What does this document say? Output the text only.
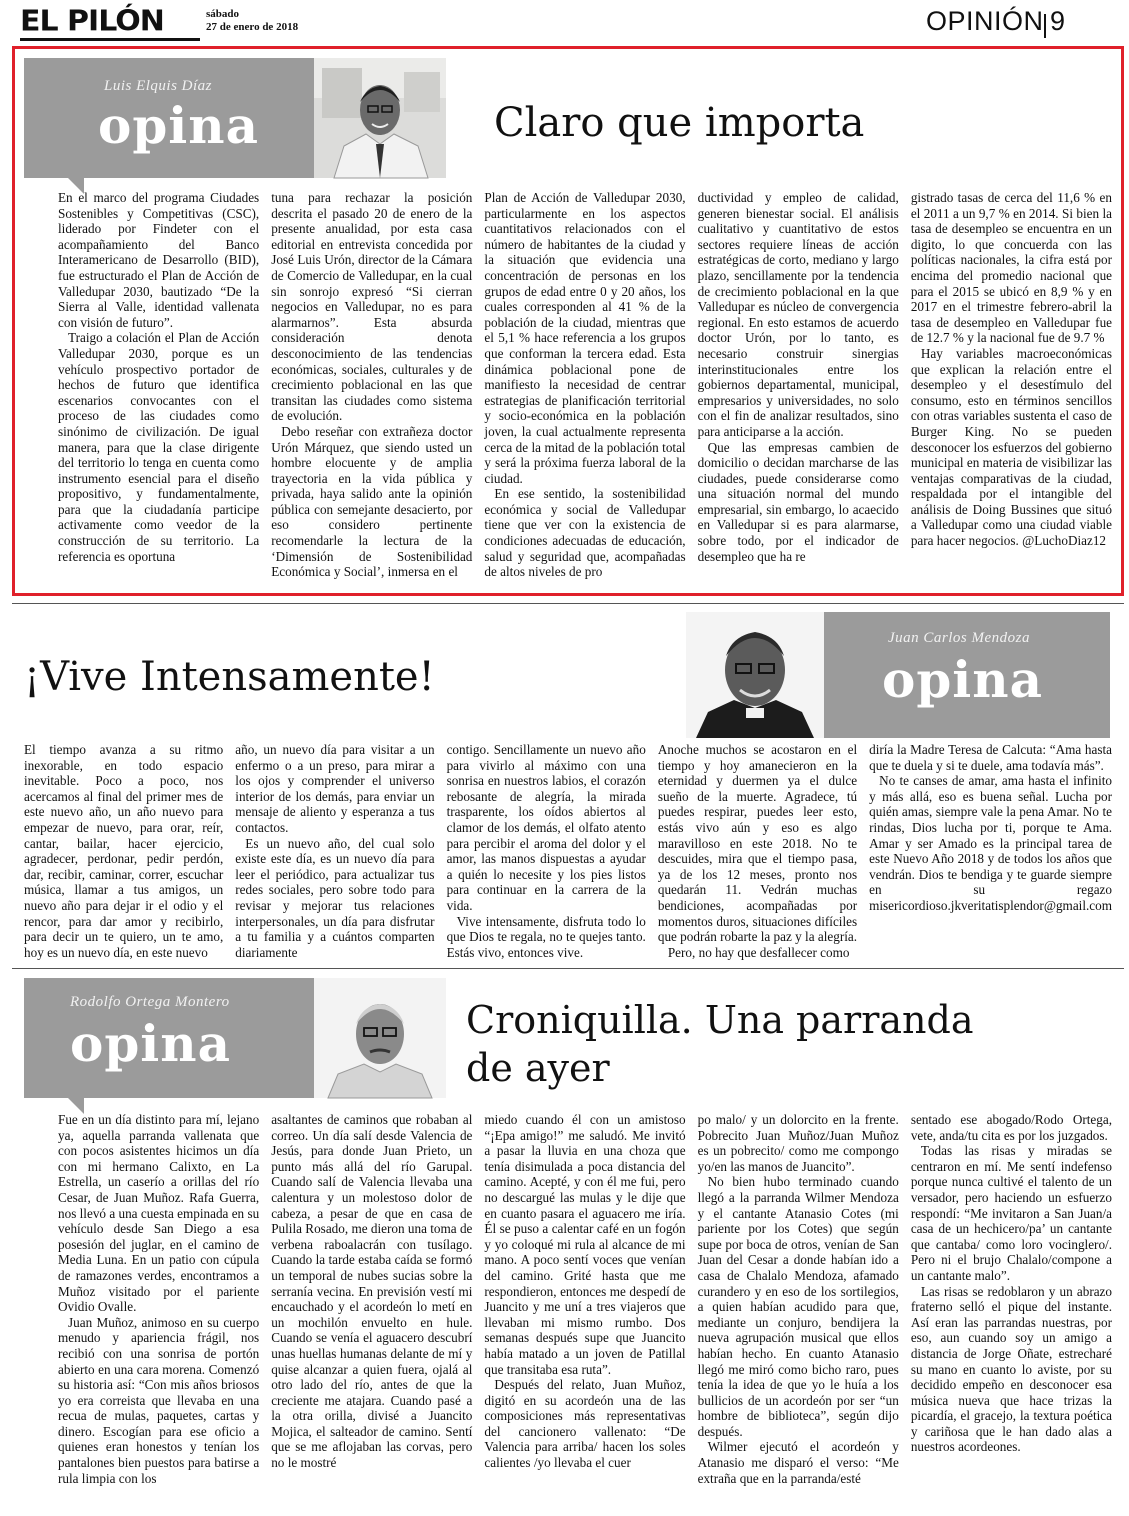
EL PILÓN	sábado
27 de enero de 2018	OPINIÓN 9
Luis Elquis Díaz
opina	Claro que importa

En el marco del programa Ciudades Sostenibles y Competitivas (CSC), liderado por Findeter con el acompañamiento del Banco Interamericano de Desarrollo (BID), fue estructurado el Plan de Acción de Valledupar 2030, bautizado “De la Sierra al Valle, identidad vallenata con visión de futuro”.

Traigo a colación el Plan de Acción Valledupar 2030, porque es un vehículo prospectivo portador de hechos de futuro que identifica escenarios convocantes con el proceso de las ciudades como sinónimo de civilización. De igual manera, para que la clase dirigente del territorio lo tenga en cuenta como instrumento esencial para el diseño propositivo, y fundamentalmente, para que la ciudadanía participe activamente como veedor de la construcción de su territorio. La referencia es oportuna

tuna para rechazar la posición descrita el pasado 20 de enero de la presente anualidad, por esta casa editorial en entrevista concedida por José Luis Urón, director de la Cámara de Comercio de Valledupar, en la cual sin sonrojo expresó “Si cierran negocios en Valledupar, no es para alarmarnos”. Esta absurda consideración denota desconocimiento de las tendencias económicas, sociales, culturales y de crecimiento poblacional en las que transitan las ciudades como sistema de evolución.

Debo reseñar con extrañeza doctor Urón Márquez, que siendo usted un hombre elocuente y de amplia trayectoria en la vida pública y privada, haya salido ante la opinión pública con semejante desacierto, por eso considero pertinente recomendarle la lectura de la ‘Dimensión de Sostenibilidad Económica y Social’, inmersa en el

Plan de Acción de Valledupar 2030, particularmente en los aspectos cuantitativos relacionados con el número de habitantes de la ciudad y la situación que evidencia una concentración de personas en los grupos de edad entre 0 y 20 años, los cuales corresponden al 41 % de la población de la ciudad, mientras que el 5,1 % hace referencia a los grupos que conforman la tercera edad. Esta dinámica poblacional pone de manifiesto la necesidad de centrar estrategias de planificación territorial y socio-económica en la población joven, la cual actualmente representa cerca de la mitad de la población total y será la próxima fuerza laboral de la ciudad.

En ese sentido, la sostenibilidad económica y social de Valledupar tiene que ver con la existencia de condiciones adecuadas de educación, salud y seguridad que, acompañadas de altos niveles de pro

ductividad y empleo de calidad, generen bienestar social. El análisis cualitativo y cuantitativo de estos sectores requiere líneas de acción estratégicas de corto, mediano y largo plazo, sencillamente por la tendencia de crecimiento poblacional en la que Valledupar es núcleo de convergencia regional. En esto estamos de acuerdo doctor Urón, por lo tanto, es necesario construir sinergias interinstitucionales entre los gobiernos departamental, municipal, empresarios y universidades, no solo con el fin de analizar resultados, sino para anticiparse a la acción.

Que las empresas cambien de domicilio o decidan marcharse de las ciudades, puede considerarse como una situación normal del mundo empresarial, sin embargo, lo acaecido en Valledupar si es para alarmarse, sobre todo, por el indicador de desempleo que ha re

gistrado tasas de cerca del 11,6 % en el 2011 a un 9,7 % en 2014. Si bien la tasa de desempleo se encuentra en un digito, lo que concuerda con las políticas nacionales, la cifra está por encima del promedio nacional que para el 2015 se ubicó en 8,9 % y en 2017 en el trimestre febrero-abril la tasa de desempleo en Valledupar fue de 12.7 % y la nacional fue de 9.7 %

Hay variables macroeconómicas que explican la relación entre el desempleo y el desestímulo del consumo, esto en términos sencillos con otras variables sustenta el caso de Burger King. No se pueden desconocer los esfuerzos del gobierno municipal en materia de visibilizar las ventajas comparativas de la ciudad, respaldada por el intangible del análisis de Doing Bussines que situó a Valledupar como una ciudad viable para hacer negocios. @LuchoDiaz12

¡Vive Intensamente!
Juan Carlos Mendoza
opina

El tiempo avanza a su ritmo inexorable, en todo espacio inevitable. Poco a poco, nos acercamos al final del primer mes de este nuevo año, un año nuevo para empezar de nuevo, para orar, reír, cantar, bailar, hacer ejercicio, agradecer, perdonar, pedir perdón, dar, recibir, caminar, correr, escuchar música, llamar a tus amigos, un nuevo año para dejar ir el odio y el rencor, para dar amor y recibirlo, para decir un te quiero, un te amo, hoy es un nuevo día, en este nuevo

año, un nuevo día para visitar a un enfermo o a un preso, para mirar a los ojos y comprender el universo interior de los demás, para enviar un mensaje de aliento y esperanza a tus contactos.

Es un nuevo año, del cual solo existe este día, es un nuevo día para leer el periódico, para actualizar tus redes sociales, pero sobre todo para revisar y mejorar tus relaciones interpersonales, un día para disfrutar a tu familia y a cuántos comparten diariamente

contigo. Sencillamente un nuevo año para vivirlo al máximo con una sonrisa en nuestros labios, el corazón rebosante de alegría, la mirada trasparente, los oídos abiertos al clamor de los demás, el olfato atento para percibir el aroma del dolor y el amor, las manos dispuestas a ayudar a quién lo necesite y los pies listos para continuar en la carrera de la vida.

Vive intensamente, disfruta todo lo que Dios te regala, no te quejes tanto. Estás vivo, entonces vive.

Anoche muchos se acostaron en el tiempo y hoy amanecieron en la eternidad y duermen ya el dulce sueño de la muerte. Agradece, tú puedes respirar, puedes leer esto, estás vivo aún y eso es algo maravilloso en este 2018. No te descuides, mira que el tiempo pasa, ya de los 12 meses, pronto nos quedarán 11. Vedrán muchas bendiciones, acompañadas por momentos duros, situaciones difíciles que podrán robarte la paz y la alegría.

Pero, no hay que desfallecer como

diría la Madre Teresa de Calcuta: “Ama hasta que te duela y si te duele, ama todavía más”.

No te canses de amar, ama hasta el infinito y más allá, eso es buena señal. Lucha por quién amas, siempre vale la pena Amar. No te rindas, Dios lucha por ti, porque te Ama. Amar y ser Amado es la principal tarea de este Nuevo Año 2018 y de todos los años que vendrán. Dios te bendiga y te guarde siempre en su regazo misericordioso.jkveritatisplendor@gmail.com

Rodolfo Ortega Montero
opina	Croniquilla. Una parranda de ayer

Fue en un día distinto para mí, lejano ya, aquella parranda vallenata que con pocos asistentes hicimos un día con mi hermano Calixto, en La Estrella, un caserío a orillas del río Cesar, de Juan Muñoz. Rafa Guerra, nos llevó a una cuesta empinada en su vehículo desde San Diego a esa posesión del juglar, en el camino de Media Luna. En un patio con cúpula de ramazones verdes, encontramos a Muñoz visitado por el pariente Ovidio Ovalle.

Juan Muñoz, animoso en su cuerpo menudo y apariencia frágil, nos recibió con una sonrisa de portón abierto en una cara morena. Comenzó su historia así: “Con mis años briosos yo era correista que llevaba en una recua de mulas, paquetes, cartas y dinero. Escogían para ese oficio a quienes eran honestos y tenían los pantalones bien puestos para batirse a rula limpia con los

asaltantes de caminos que robaban al correo. Un día salí desde Valencia de Jesús, para donde Juan Prieto, un punto más allá del río Garupal. Cuando salí de Valencia llevaba una calentura y un molestoso dolor de cabeza, a pesar de que en casa de Pulila Rosado, me dieron una toma de verbena raboalacrán con tusílago. Cuando la tarde estaba caída se formó un temporal de nubes sucias sobre la serranía vecina. En previsión vestí mi encauchado y el acordeón lo metí en un mochilón envuelto en hule. Cuando se venía el aguacero descubrí unas huellas humanas delante de mí y quise alcanzar a quien fuera, ojalá al otro lado del río, antes de que la creciente me atajara. Cuando pasé a la otra orilla, divisé a Juancito Mojica, el salteador de camino. Sentí que se me aflojaban las corvas, pero no le mostré

miedo cuando él con un amistoso “¡Epa amigo!” me saludó. Me invitó a pasar la lluvia en una choza que tenía disimulada a poca distancia del camino. Acepté, y con él me fui, pero no descargué las mulas y le dije que en cuanto pasara el aguacero me iría. Él se puso a calentar café en un fogón y yo coloqué mi rula al alcance de mi mano. A poco sentí voces que venían del camino. Grité hasta que me respondieron, entonces me despedí de Juancito y me uní a tres viajeros que llevaban mi mismo rumbo. Dos semanas después supe que Juancito había matado a un joven de Patillal que transitaba esa ruta”.

Después del relato, Juan Muñoz, digitó en su acordeón una de las composiciones más representativas del cancionero vallenato: “De Valencia para arriba/ hacen los soles calientes /yo llevaba el cuer

po malo/ y un dolorcito en la frente. Pobrecito Juan Muñoz/Juan Muñoz es un pobrecito/ como me compongo yo/en las manos de Juancito”.

No bien hubo terminado cuando llegó a la parranda Wilmer Mendoza y el cantante Atanasio Cotes (mi pariente por los Cotes) que según supe por boca de otros, venían de San Juan del Cesar a donde habían ido a casa de Chalalo Mendoza, afamado curandero y en eso de los sortilegios, a quien habían acudido para que, mediante un conjuro, bendijera la nueva agrupación musical que ellos habían hecho. En cuanto Atanasio llegó me miró como bicho raro, pues tenía la idea de que yo le huía a los bullicios de un acordeón por ser “un hombre de biblioteca”, según dijo después.

Wilmer ejecutó el acordeón y Atanasio me disparó el verso: “Me extraña que en la parranda/esté

sentado ese abogado/Rodo Ortega, vete, anda/tu cita es por los juzgados.

Todas las risas y miradas se centraron en mí. Me sentí indefenso porque nunca cultivé el talento de un versador, pero haciendo un esfuerzo respondí: “Me invitaron a San Juan/a casa de un hechicero/pa’ un cantante que cantaba/ como loro vocinglero/. Pero ni el brujo Chalalo/compone a un cantante malo”.

Las risas se redoblaron y un abrazo fraterno selló el pique del instante. Así eran las parrandas nuestras, por eso, aun cuando soy un amigo a distancia de Jorge Oñate, estrecharé su mano en cuanto lo aviste, por su decidido empeño en desconocer esa música nueva que hace trizas la picardía, el gracejo, la textura poética y cariñosa que le han dado alas a nuestros acordeones.
